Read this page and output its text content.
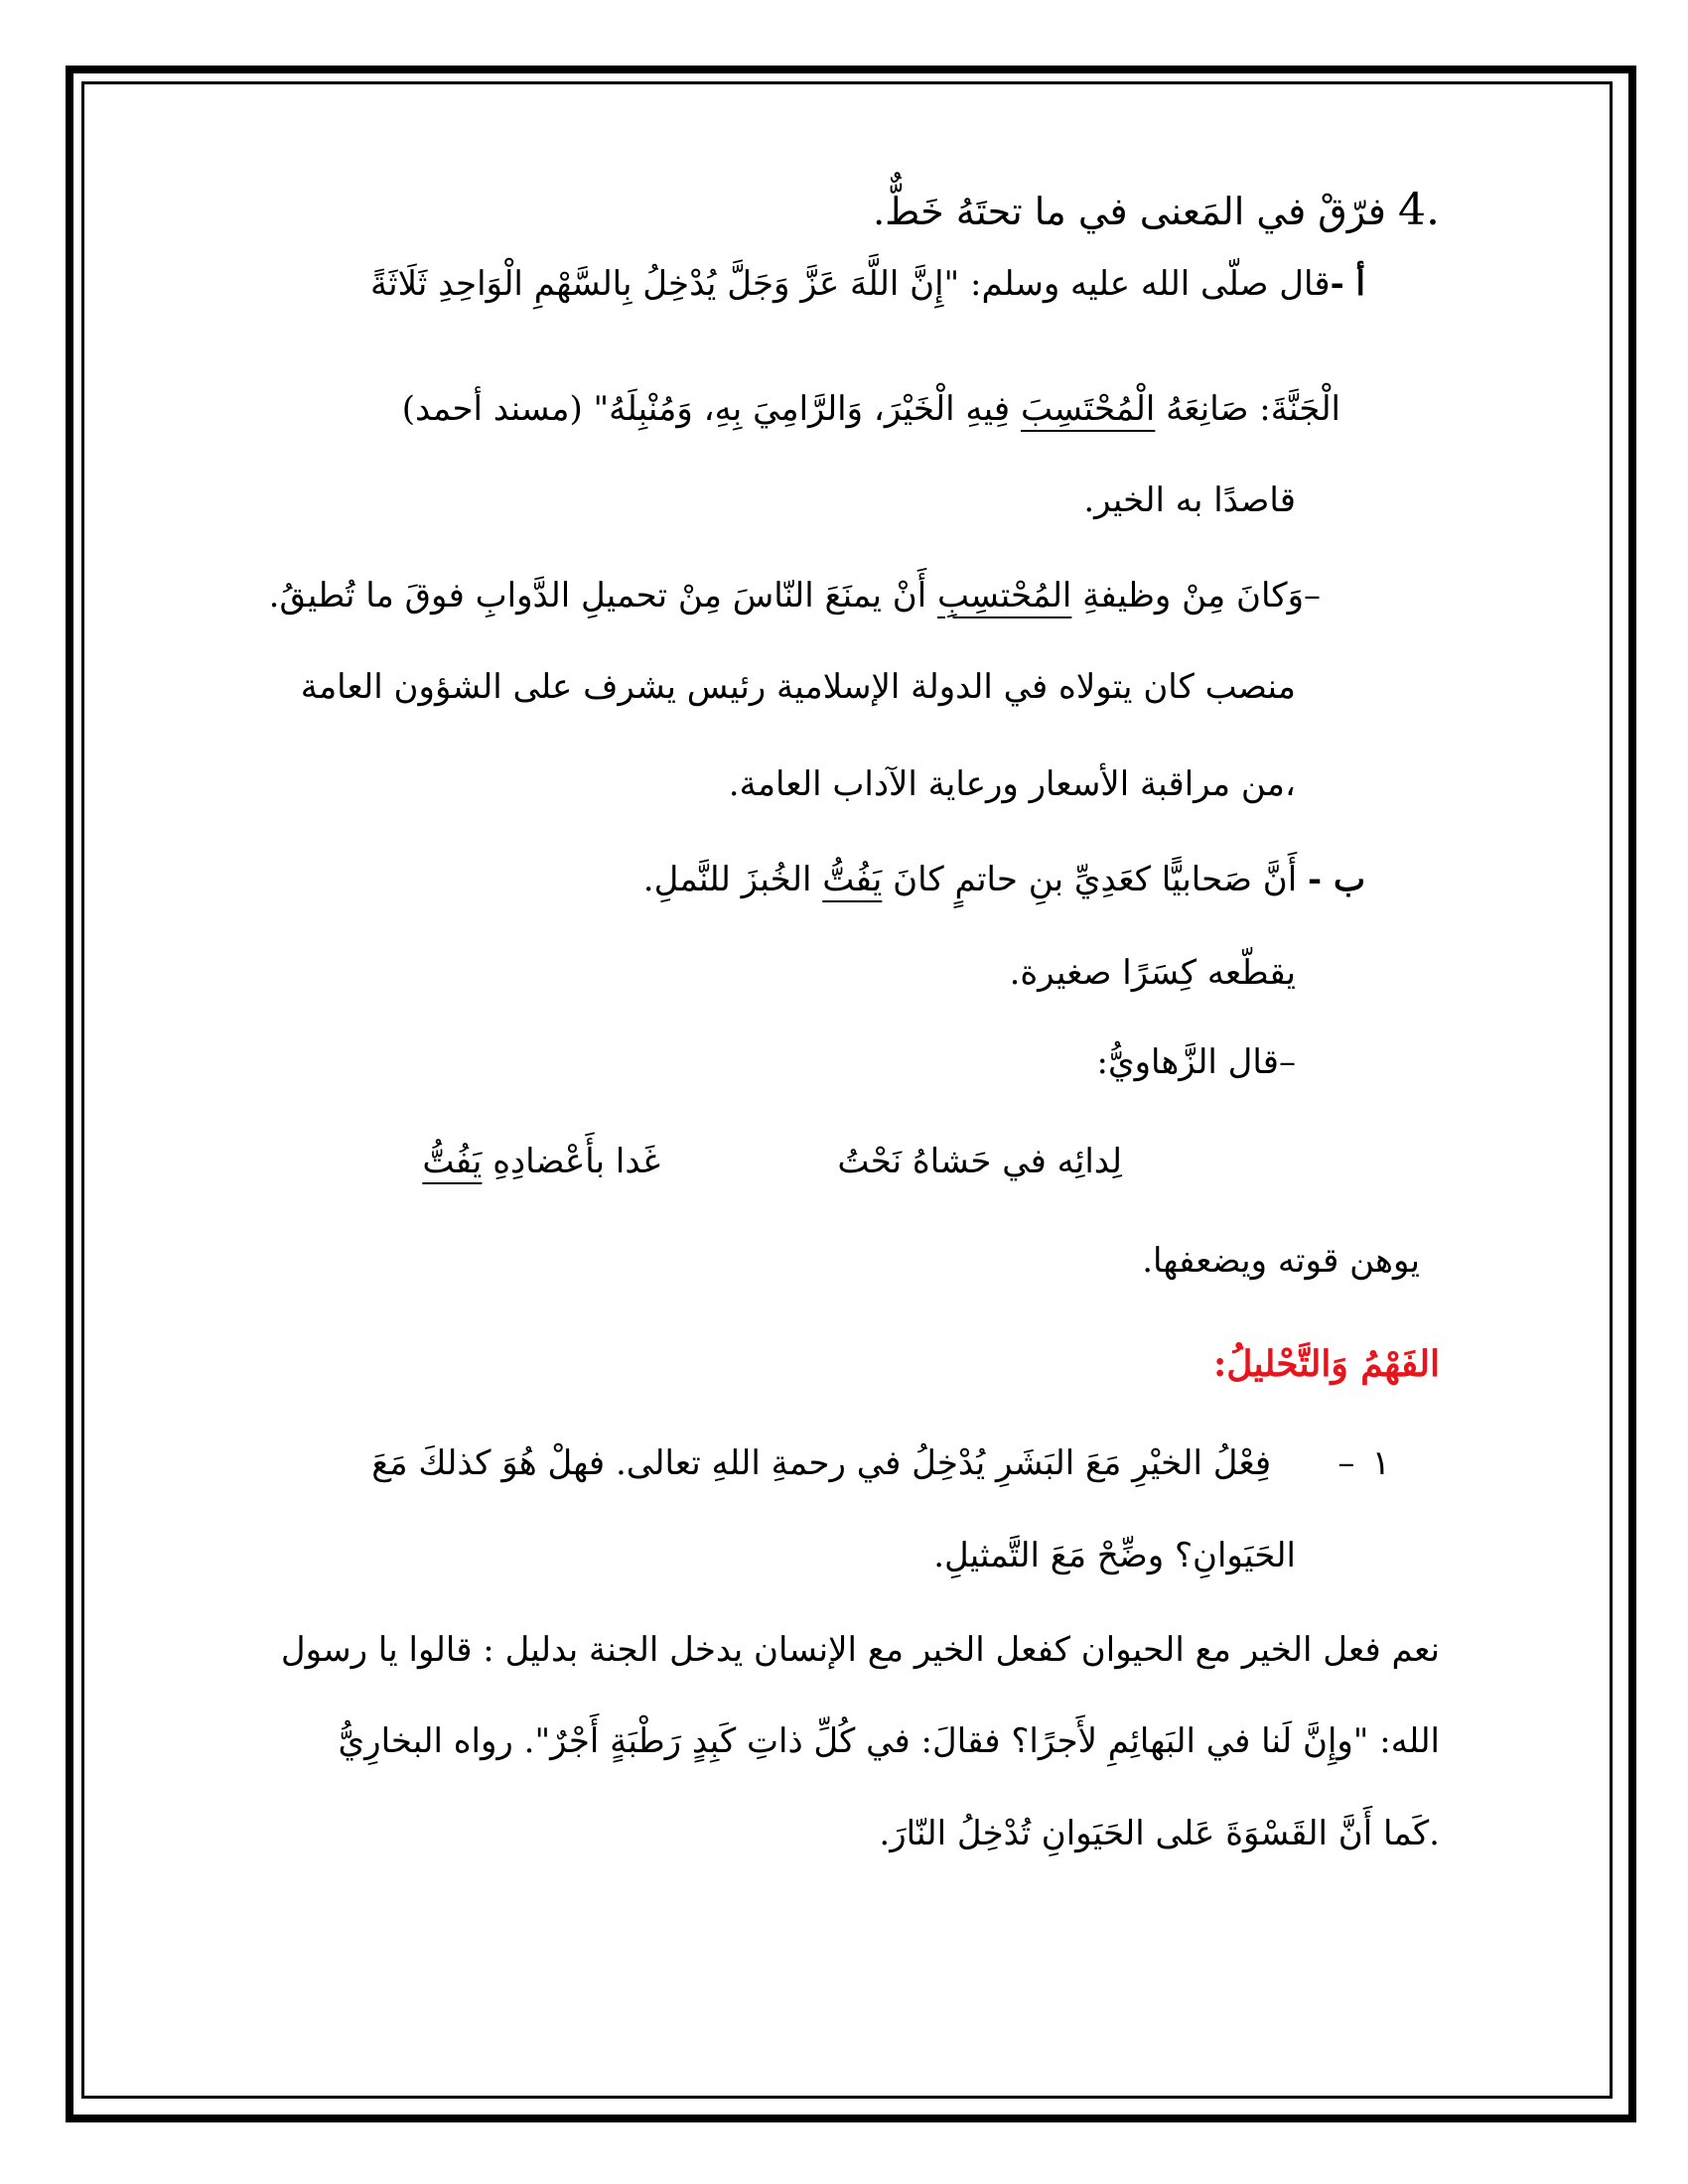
4. فرّقْ في المَعنى في ما تحتَهُ خَطٌّ.
أ -قال صلّى الله عليه وسلم: "إِنَّ اللَّهَ عَزَّ وَجَلَّ يُدْخِلُ بِالسَّهْمِ الْوَاحِدِ ثَلَاثَةً
الْجَنَّةَ: صَانِعَهُ الْمُحْتَسِبَ فِيهِ الْخَيْرَ، وَالرَّامِيَ بِهِ، وَمُنْبِلَهُ" (مسند أحمد)
قاصدًا به الخير.
–وَكانَ مِنْ وظيفةِ المُحْتسِبِ أَنْ يمنَعَ النّاسَ مِنْ تحميلِ الدَّوابِ فوقَ ما تُطيقُ.
منصب كان يتولاه في الدولة الإسلامية رئيس يشرف على الشؤون العامة
،من مراقبة الأسعار ورعاية الآداب العامة.
ب - أَنَّ صَحابيًّا كعَدِيِّ بنِ حاتمٍ كانَ يَفُتُّ الخُبزَ للنَّملِ.
يقطّعه كِسَرًا صغيرة.
–قال الزَّهاويُّ:
لِدائِه في حَشاهُ نَحْتُ
غَدا بأَعْضادِهِ يَفُتُّ
يوهن قوته ويضعفها.
الفَهْمُ وَالتَّحْليلُ:
١ – فِعْلُ الخيْرِ مَعَ البَشَرِ يُدْخِلُ في رحمةِ اللهِ تعالى. فهلْ هُوَ كذلكَ مَعَ
الحَيَوانِ؟ وضِّحْ مَعَ التَّمثيلِ.
نعم فعل الخير مع الحيوان كفعل الخير مع الإنسان يدخل الجنة بدليل : قالوا يا رسول
الله: "وإِنَّ لَنا في البَهائِمِ لأَجرًا؟ فقالَ: في كُلِّ ذاتِ كَبِدٍ رَطْبَةٍ أَجْرٌ". رواه البخارِيُّ
.كَما أَنَّ القَسْوَةَ عَلى الحَيَوانِ تُدْخِلُ النّارَ.
